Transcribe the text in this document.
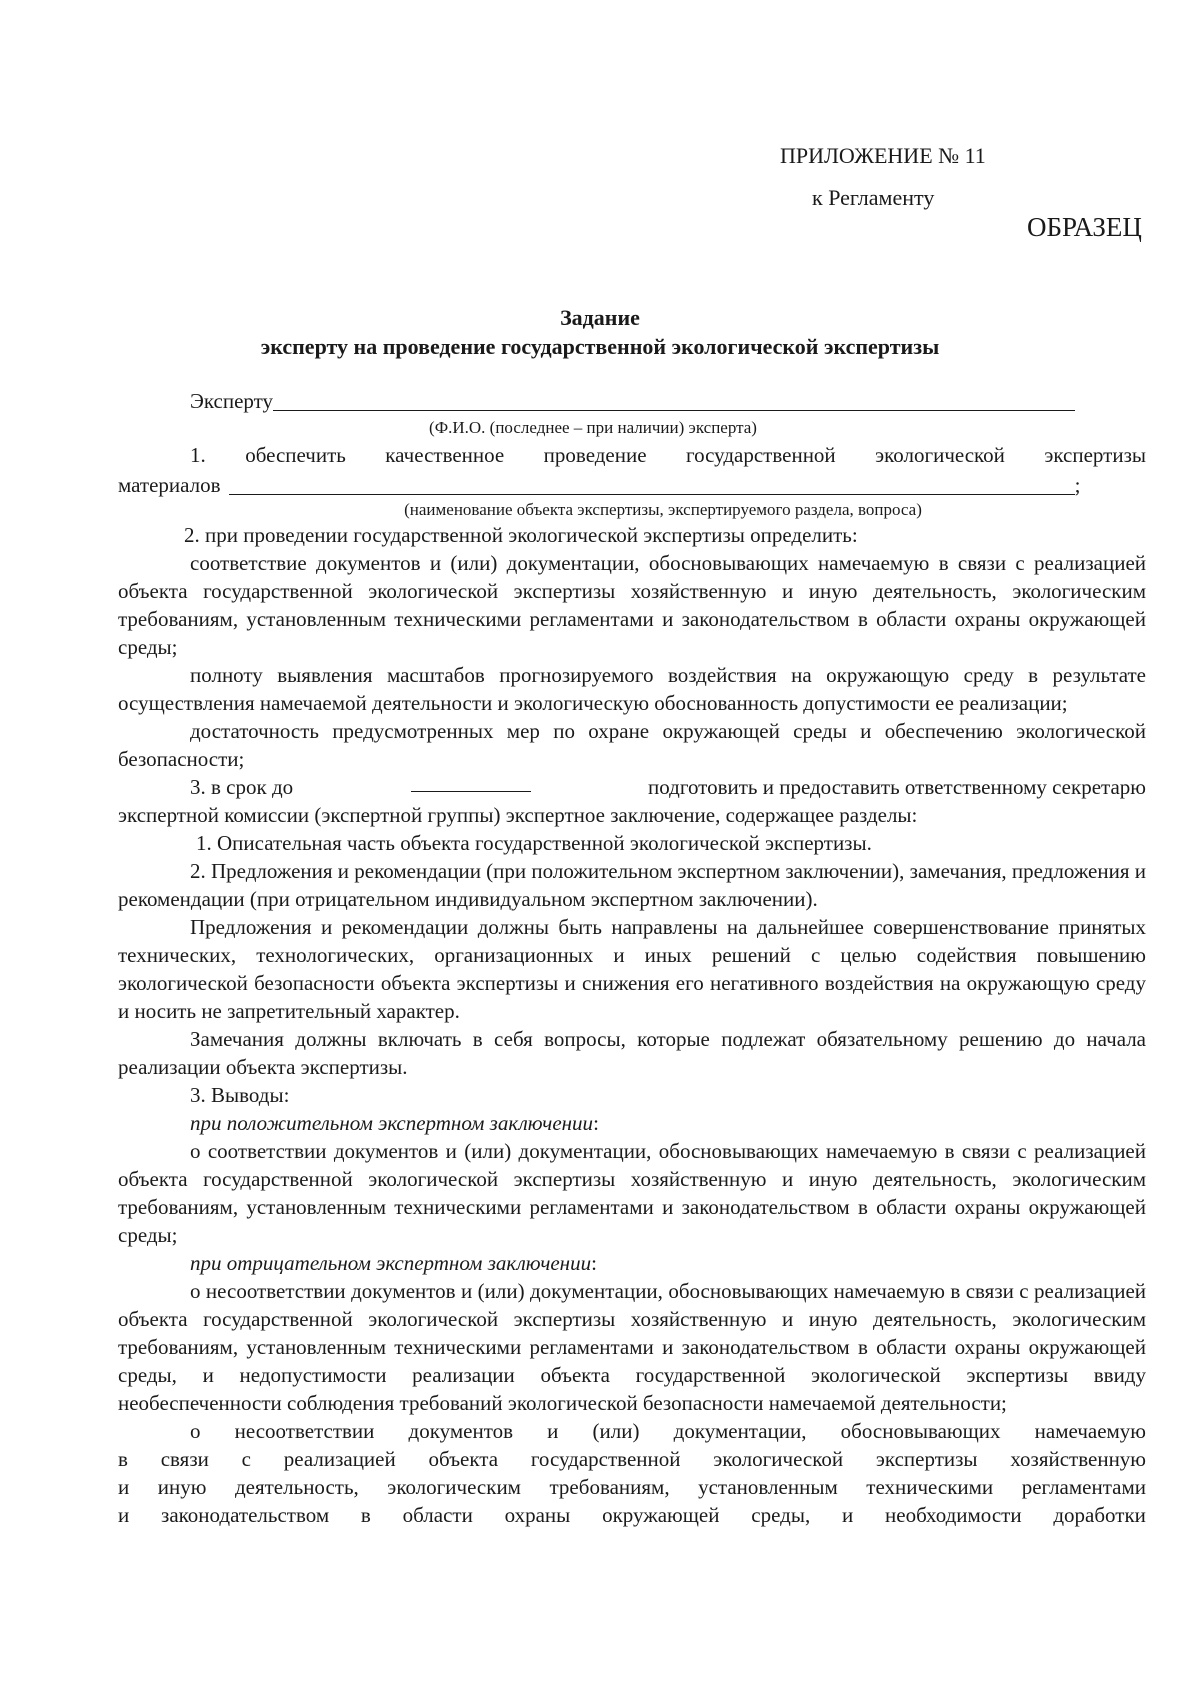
ПРИЛОЖЕНИЕ № 11
к Регламенту
ОБРАЗЕЦ
Задание
эксперту на проведение государственной экологической экспертизы
Эксперту
(Ф.И.О. (последнее – при наличии) эксперта)
1. обеспечить качественное проведение государственной экологической экспертизы
материалов	;
(наименование объекта экспертизы, экспертируемого раздела, вопроса)

2. при проведении государственной экологической экспертизы определить:

соответствие документов и (или) документации, обосновывающих намечаемую в связи с реализацией объекта государственной экологической экспертизы хозяйственную и иную деятельность, экологическим требованиям, установленным техническими регламентами и законодательством в области охраны окружающей среды;

полноту выявления масштабов прогнозируемого воздействия на окружающую среду в результате осуществления намечаемой деятельности и экологическую обоснованность допустимости ее реализации;

достаточность предусмотренных мер по охране окружающей среды и обеспечению экологической безопасности;

3. в срок до	подготовить и предоставить ответственному секретарю

экспертной комиссии (экспертной группы) экспертное заключение, содержащее разделы:

1. Описательная часть объекта государственной экологической экспертизы.

2. Предложения и рекомендации (при положительном экспертном заключении), замечания, предложения и рекомендации (при отрицательном индивидуальном экспертном заключении).

Предложения и рекомендации должны быть направлены на дальнейшее совершенствование принятых технических, технологических, организационных и иных решений с целью содействия повышению экологической безопасности объекта экспертизы и снижения его негативного воздействия на окружающую среду и носить не запретительный характер.

Замечания должны включать в себя вопросы, которые подлежат обязательному решению до начала реализации объекта экспертизы.

3. Выводы:

при положительном экспертном заключении:

о соответствии документов и (или) документации, обосновывающих намечаемую в связи с реализацией объекта государственной экологической экспертизы хозяйственную и иную деятельность, экологическим требованиям, установленным техническими регламентами и законодательством в области охраны окружающей среды;

при отрицательном экспертном заключении:

о несоответствии документов и (или) документации, обосновывающих намечаемую в связи с реализацией объекта государственной экологической экспертизы хозяйственную и иную деятельность, экологическим требованиям, установленным техническими регламентами и законодательством в области охраны окружающей среды, и недопустимости реализации объекта государственной экологической экспертизы ввиду необеспеченности соблюдения требований экологической безопасности намечаемой деятельности;

о несоответствии документов и (или) документации, обосновывающих намечаемую

в связи с реализацией объекта государственной экологической экспертизы хозяйственную

и иную деятельность, экологическим требованиям, установленным техническими регламентами

и законодательством в области охраны окружающей среды, и необходимости доработки
